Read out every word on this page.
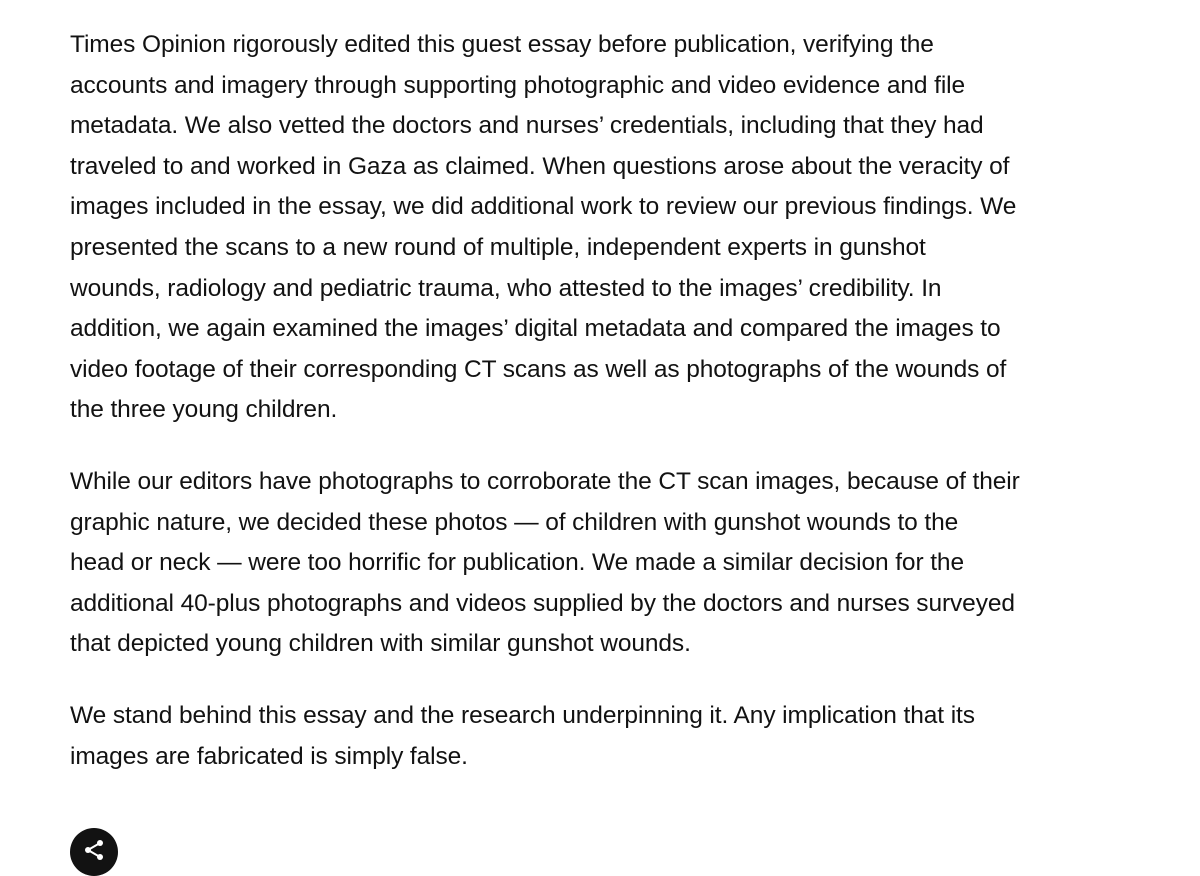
Times Opinion rigorously edited this guest essay before publication, verifying the
accounts and imagery through supporting photographic and video evidence and file
metadata. We also vetted the doctors and nurses’ credentials, including that they had
traveled to and worked in Gaza as claimed. When questions arose about the veracity of
images included in the essay, we did additional work to review our previous findings. We
presented the scans to a new round of multiple, independent experts in gunshot
wounds, radiology and pediatric trauma, who attested to the images’ credibility. In
addition, we again examined the images’ digital metadata and compared the images to
video footage of their corresponding CT scans as well as photographs of the wounds of
the three young children.

While our editors have photographs to corroborate the CT scan images, because of their
graphic nature, we decided these photos — of children with gunshot wounds to the
head or neck — were too horrific for publication. We made a similar decision for the
additional 40-plus photographs and videos supplied by the doctors and nurses surveyed
that depicted young children with similar gunshot wounds.

We stand behind this essay and the research underpinning it. Any implication that its
images are fabricated is simply false.
